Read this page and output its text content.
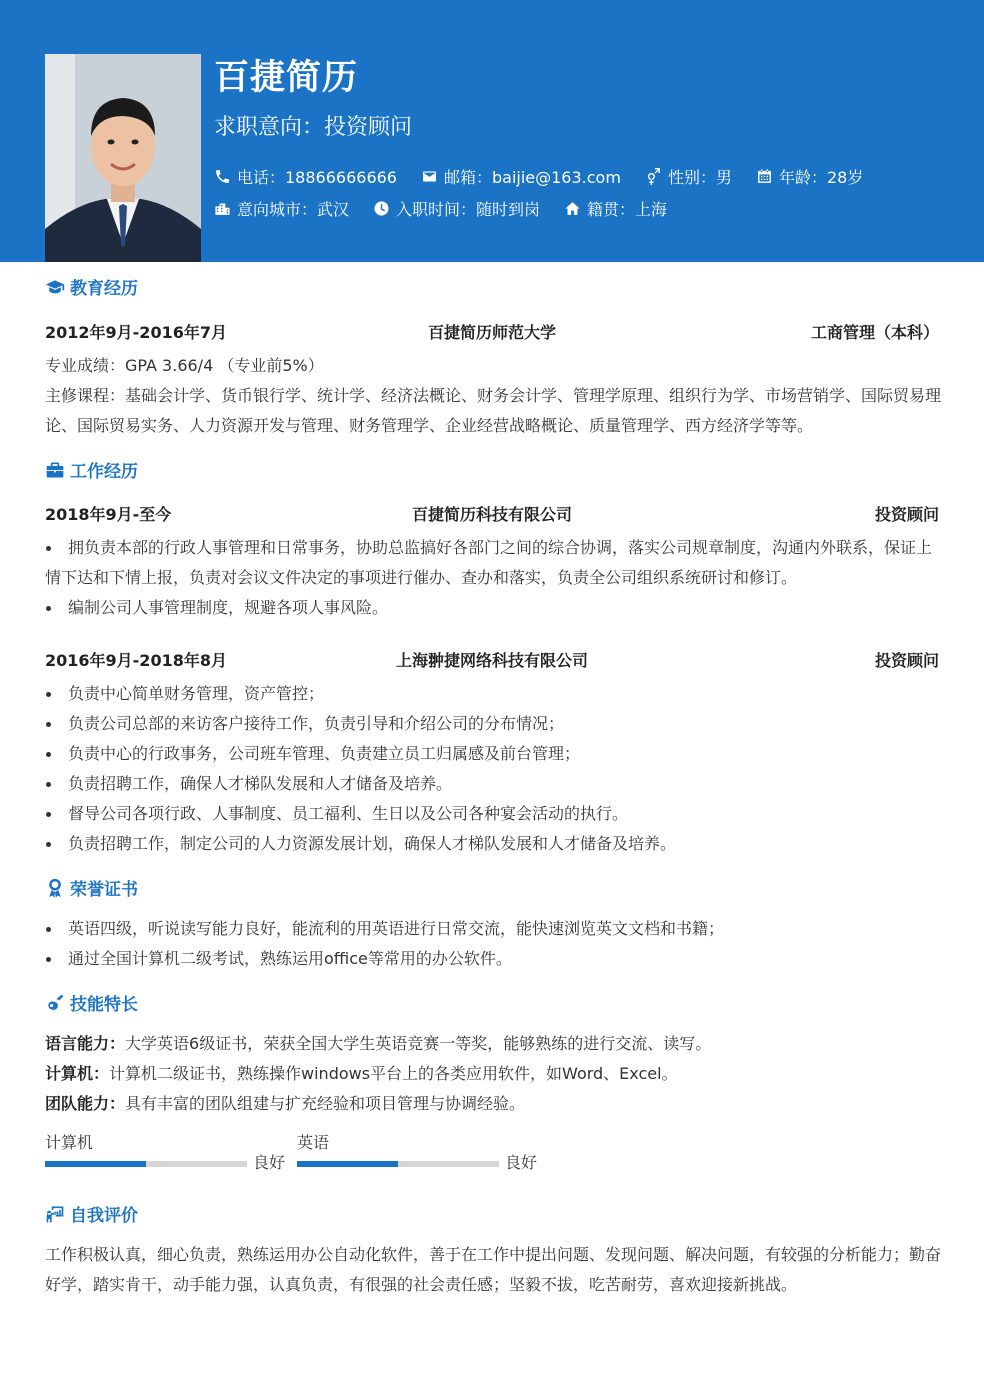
百捷简历
求职意向：投资顾问
电话：18866666666	邮箱：baijie@163.com	性别：男	年龄：28岁
意向城市：武汉	入职时间：随时到岗	籍贯：上海
教育经历
2012年9月-2016年7月	百捷简历师范大学	工商管理（本科）
专业成绩：GPA 3.66/4 （专业前5%）
主修课程：基础会计学、货币银行学、统计学、经济法概论、财务会计学、管理学原理、组织行为学、市场营销学、国际贸易理论、国际贸易实务、人力资源开发与管理、财务管理学、企业经营战略概论、质量管理学、西方经济学等等。
工作经历
2018年9月-至今	百捷简历科技有限公司	投资顾问
拥负责本部的行政人事管理和日常事务，协助总监搞好各部门之间的综合协调，落实公司规章制度，沟通内外联系，保证上情下达和下情上报，负责对会议文件决定的事项进行催办、查办和落实，负责全公司组织系统研讨和修订。
编制公司人事管理制度，规避各项人事风险。
2016年9月-2018年8月	上海翀捷网络科技有限公司	投资顾问
负责中心简单财务管理，资产管控；
负责公司总部的来访客户接待工作，负责引导和介绍公司的分布情况；
负责中心的行政事务，公司班车管理、负责建立员工归属感及前台管理；
负责招聘工作，确保人才梯队发展和人才储备及培养。
督导公司各项行政、人事制度、员工福利、生日以及公司各种宴会活动的执行。
负责招聘工作，制定公司的人力资源发展计划，确保人才梯队发展和人才储备及培养。
荣誉证书
英语四级，听说读写能力良好，能流利的用英语进行日常交流，能快速浏览英文文档和书籍；
通过全国计算机二级考试，熟练运用office等常用的办公软件。
技能特长
语言能力：大学英语6级证书，荣获全国大学生英语竞赛一等奖，能够熟练的进行交流、读写。
计算机：计算机二级证书，熟练操作windows平台上的各类应用软件，如Word、Excel。
团队能力：具有丰富的团队组建与扩充经验和项目管理与协调经验。
计算机
良好
英语
良好
自我评价
工作积极认真，细心负责，熟练运用办公自动化软件，善于在工作中提出问题、发现问题、解决问题，有较强的分析能力；勤奋好学，踏实肯干，动手能力强，认真负责，有很强的社会责任感；坚毅不拔，吃苦耐劳，喜欢迎接新挑战。
